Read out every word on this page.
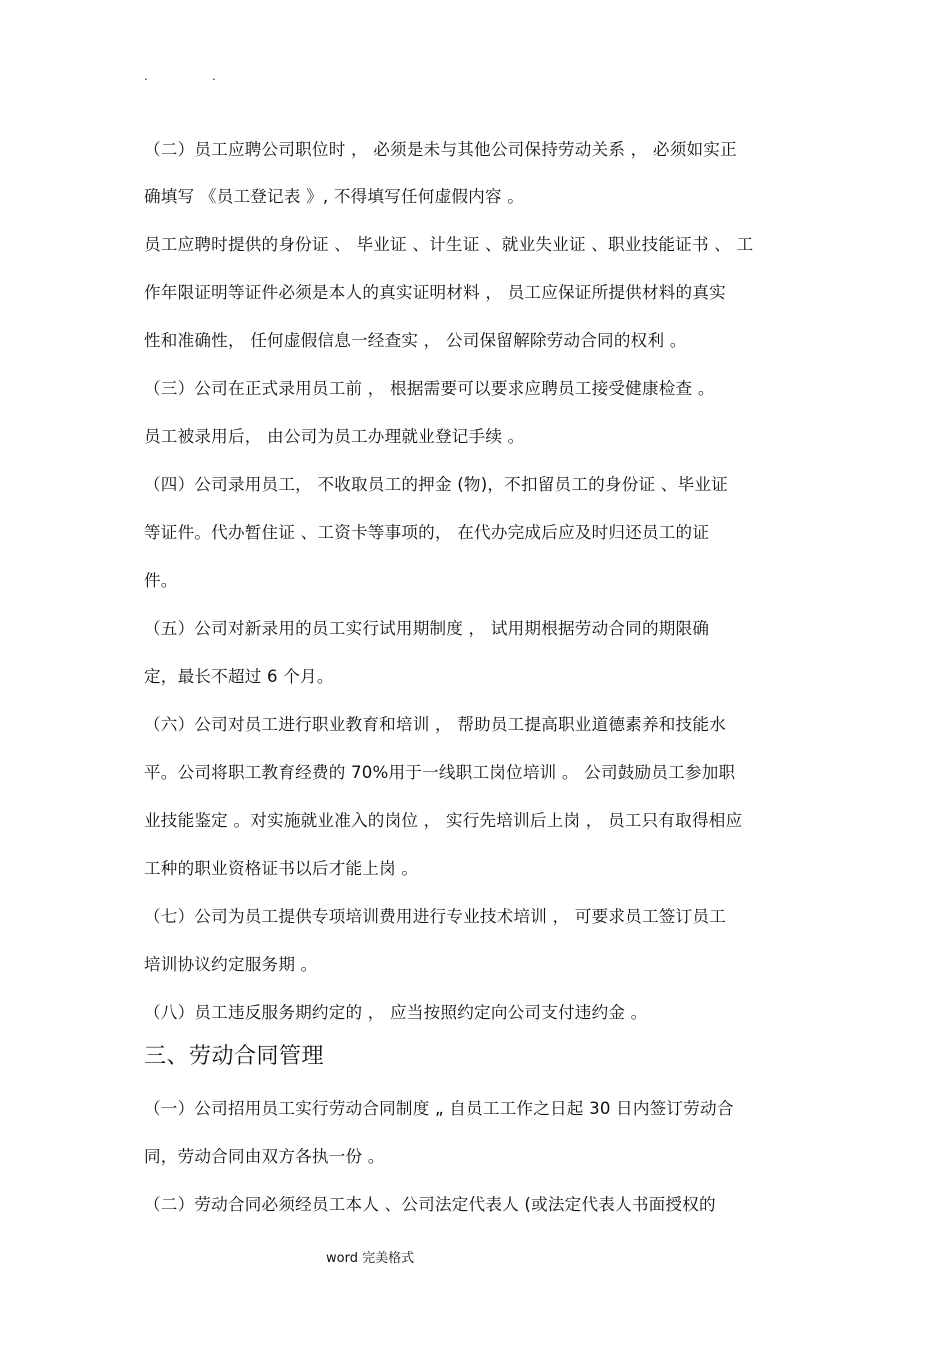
.	.
（二）员工应聘公司职位时 ， 必须是未与其他公司保持劳动关系 ， 必须如实正
确填写 《员工登记表 》, 不得填写任何虚假内容 。
员工应聘时提供的身份证 、 毕业证 、计生证 、就业失业证 、职业技能证书 、 工
作年限证明等证件必须是本人的真实证明材料 ， 员工应保证所提供材料的真实
性和准确性， 任何虚假信息一经查实 ， 公司保留解除劳动合同的权利 。
（三）公司在正式录用员工前 ， 根据需要可以要求应聘员工接受健康检查 。
员工被录用后， 由公司为员工办理就业登记手续 。
（四）公司录用员工， 不收取员工的押金 (物)，不扣留员工的身份证 、毕业证
等证件。代办暂住证 、工资卡等事项的， 在代办完成后应及时归还员工的证
件。
（五）公司对新录用的员工实行试用期制度 ， 试用期根据劳动合同的期限确
定，最长不超过 6 个月。
（六）公司对员工进行职业教育和培训 ， 帮助员工提高职业道德素养和技能水
平。公司将职工教育经费的 70%用于一线职工岗位培训 。 公司鼓励员工参加职
业技能鉴定 。对实施就业准入的岗位 ， 实行先培训后上岗 ， 员工只有取得相应
工种的职业资格证书以后才能上岗 。
（七）公司为员工提供专项培训费用进行专业技术培训 ， 可要求员工签订员工
培训协议约定服务期 。
（八）员工违反服务期约定的 ， 应当按照约定向公司支付违约金 。
三、劳动合同管理
（一）公司招用员工实行劳动合同制度 „ 自员工工作之日起 30 日内签订劳动合
同，劳动合同由双方各执一份 。
（二）劳动合同必须经员工本人 、公司法定代表人 (或法定代表人书面授权的
word 完美格式
